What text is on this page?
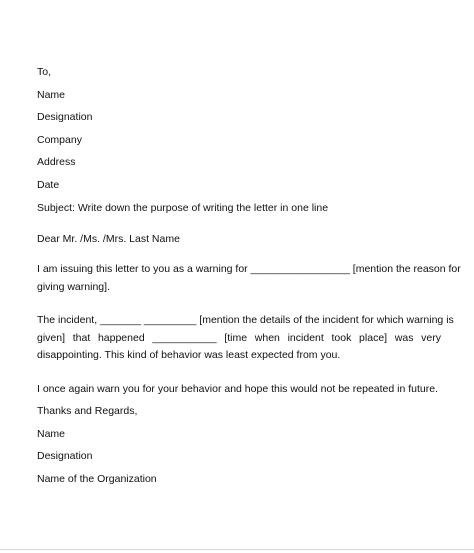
To,
Name
Designation
Company
Address
Date
Subject: Write down the purpose of writing the letter in one line
Dear Mr. /Ms. /Mrs. Last Name
I am issuing this letter to you as a warning for _________________ [mention the reason for
giving warning].
The incident, _______ _________ [mention the details of the incident for which warning is
given] that happened ___________ [time when incident took place] was very
disappointing. This kind of behavior was least expected from you.
I once again warn you for your behavior and hope this would not be repeated in future.
Thanks and Regards,
Name
Designation
Name of the Organization
